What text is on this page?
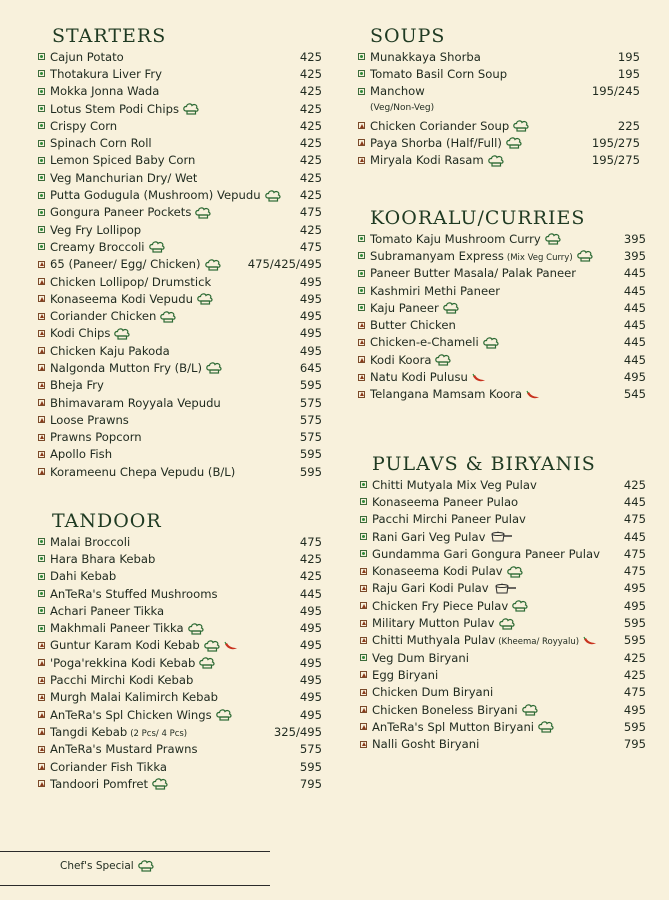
STARTERS
Cajun Potato	425
Thotakura Liver Fry	425
Mokka Jonna Wada	425
Lotus Stem Podi Chips	425
Crispy Corn	425
Spinach Corn Roll	425
Lemon Spiced Baby Corn	425
Veg Manchurian Dry/ Wet	425
Putta Godugula (Mushroom) Vepudu	425
Gongura Paneer Pockets	475
Veg Fry Lollipop	425
Creamy Broccoli	475
65 (Paneer/ Egg/ Chicken)	475/425/495
Chicken Lollipop/ Drumstick	495
Konaseema Kodi Vepudu	495
Coriander Chicken	495
Kodi Chips	495
Chicken Kaju Pakoda	495
Nalgonda Mutton Fry (B/L)	645
Bheja Fry	595
Bhimavaram Royyala Vepudu	575
Loose Prawns	575
Prawns Popcorn	575
Apollo Fish	595
Korameenu Chepa Vepudu (B/L)	595
TANDOOR
Malai Broccoli	475
Hara Bhara Kebab	425
Dahi Kebab	425
AnTeRa's Stuffed Mushrooms	445
Achari Paneer Tikka	495
Makhmali Paneer Tikka	495
Guntur Karam Kodi Kebab	495
'Poga'rekkina Kodi Kebab	495
Pacchi Mirchi Kodi Kebab	495
Murgh Malai Kalimirch Kebab	495
AnTeRa's Spl Chicken Wings	495
Tangdi Kebab (2 Pcs/ 4 Pcs)	325/495
AnTeRa's Mustard Prawns	575
Coriander Fish Tikka	595
Tandoori Pomfret	795
SOUPS
Munakkaya Shorba	195
Tomato Basil Corn Soup	195
Manchow	195/245
(Veg/Non-Veg)
Chicken Coriander Soup	225
Paya Shorba (Half/Full)	195/275
Miryala Kodi Rasam	195/275
KOORALU/CURRIES
Tomato Kaju Mushroom Curry	395
Subramanyam Express (Mix Veg Curry)	395
Paneer Butter Masala/ Palak Paneer	445
Kashmiri Methi Paneer	445
Kaju Paneer	445
Butter Chicken	445
Chicken-e-Chameli	445
Kodi Koora	445
Natu Kodi Pulusu	495
Telangana Mamsam Koora	545
PULAVS & BIRYANIS
Chitti Mutyala Mix Veg Pulav	425
Konaseema Paneer Pulao	445
Pacchi Mirchi Paneer Pulav	475
Rani Gari Veg Pulav	445
Gundamma Gari Gongura Paneer Pulav 475
Konaseema Kodi Pulav	475
Raju Gari Kodi Pulav	495
Chicken Fry Piece Pulav	495
Military Mutton Pulav	595
Chitti Muthyala Pulav (Kheema/ Royyalu)	595
Veg Dum Biryani	425
Egg Biryani	425
Chicken Dum Biryani	475
Chicken Boneless Biryani	495
AnTeRa's Spl Mutton Biryani	595
Nalli Gosht Biryani	795
Chef's Special
